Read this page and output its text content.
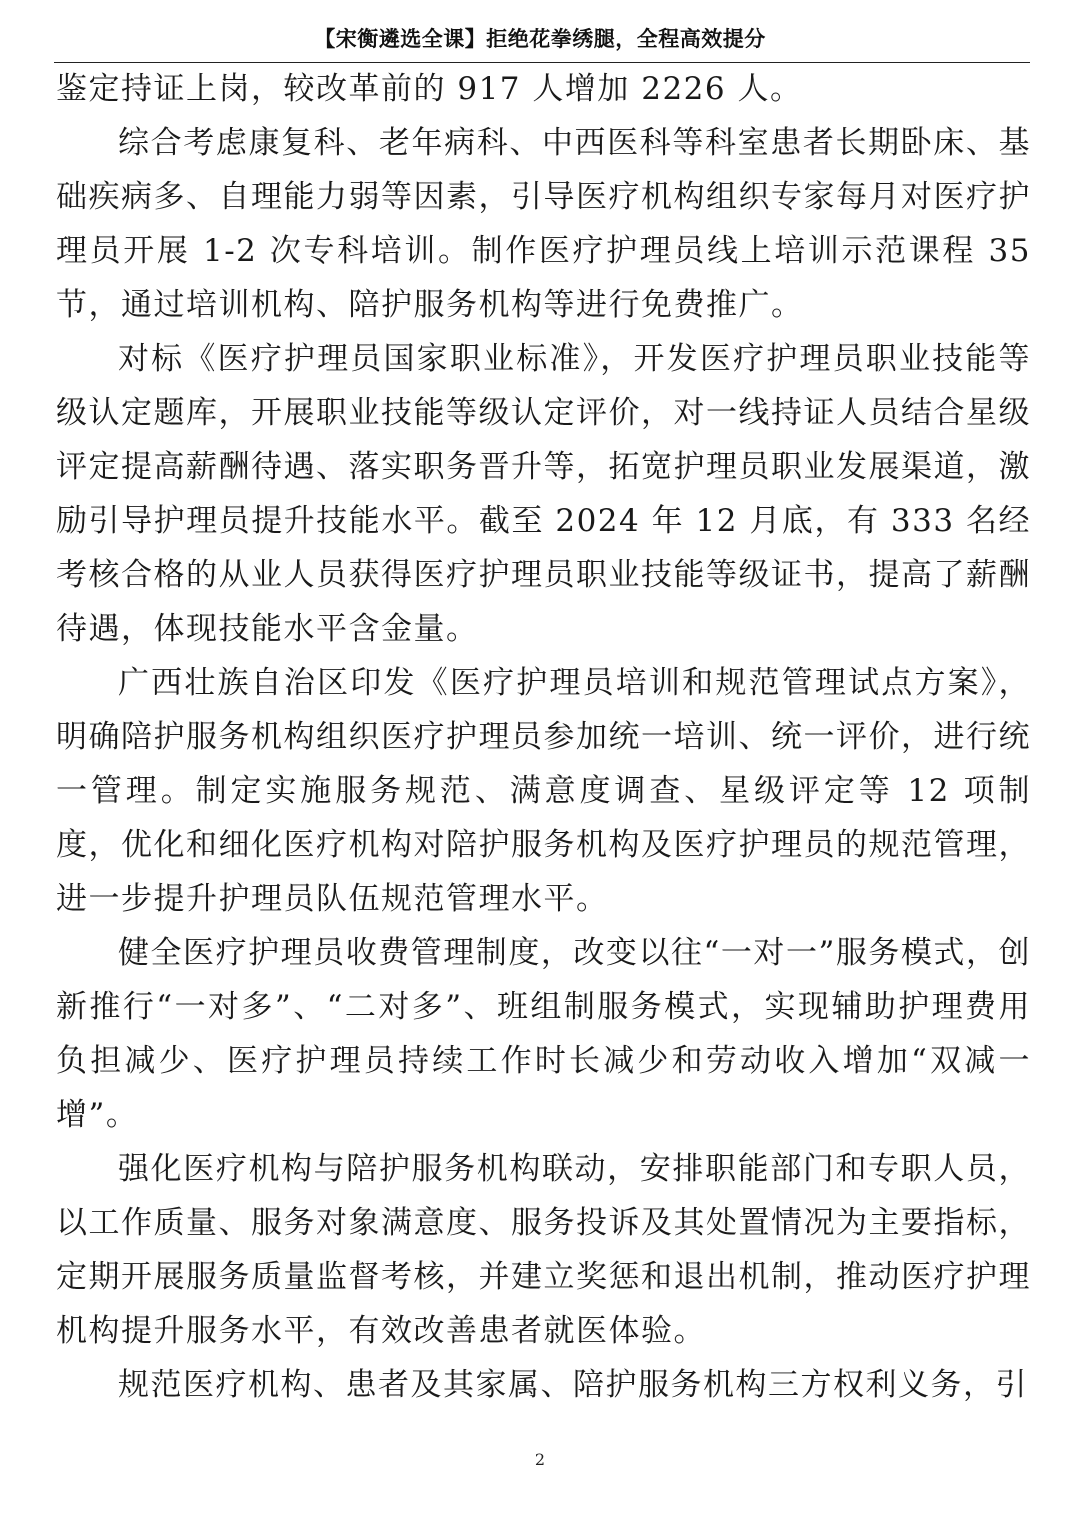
【宋衡遴选全课】拒绝花拳绣腿，全程高效提分

鉴定持证上岗，较改革前的 917 人增加 2226 人。

综合考虑康复科、老年病科、中西医科等科室患者长期卧床、基础疾病多、自理能力弱等因素，引导医疗机构组织专家每月对医疗护理员开展 1-2 次专科培训。制作医疗护理员线上培训示范课程 35 节，通过培训机构、陪护服务机构等进行免费推广。

对标《医疗护理员国家职业标准》，开发医疗护理员职业技能等级认定题库，开展职业技能等级认定评价，对一线持证人员结合星级评定提高薪酬待遇、落实职务晋升等，拓宽护理员职业发展渠道，激励引导护理员提升技能水平。截至 2024 年 12 月底，有 333 名经考核合格的从业人员获得医疗护理员职业技能等级证书，提高了薪酬待遇，体现技能水平含金量。

广西壮族自治区印发《医疗护理员培训和规范管理试点方案》，明确陪护服务机构组织医疗护理员参加统一培训、统一评价，进行统一管理。制定实施服务规范、满意度调查、星级评定等 12 项制度，优化和细化医疗机构对陪护服务机构及医疗护理员的规范管理，进一步提升护理员队伍规范管理水平。

健全医疗护理员收费管理制度，改变以往“一对一”服务模式，创新推行“一对多”、“二对多”、班组制服务模式，实现辅助护理费用负担减少、医疗护理员持续工作时长减少和劳动收入增加“双减一增”。

强化医疗机构与陪护服务机构联动，安排职能部门和专职人员，以工作质量、服务对象满意度、服务投诉及其处置情况为主要指标，定期开展服务质量监督考核，并建立奖惩和退出机制，推动医疗护理机构提升服务水平，有效改善患者就医体验。

规范医疗机构、患者及其家属、陪护服务机构三方权利义务，引

2
